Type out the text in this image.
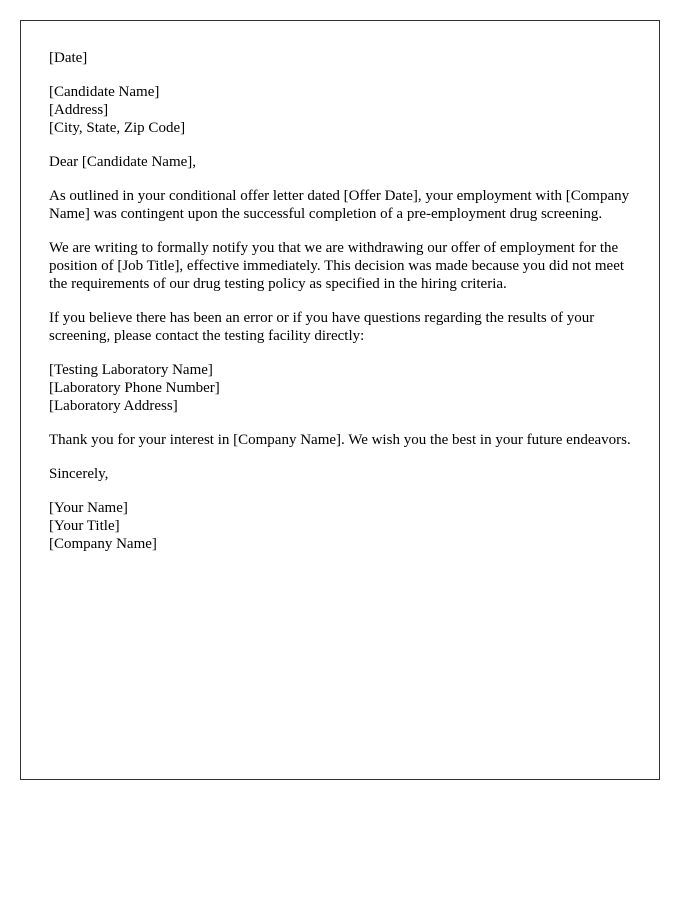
[Date]
[Candidate Name]
[Address]
[City, State, Zip Code]
Dear [Candidate Name],

As outlined in your conditional offer letter dated [Offer Date], your employment with [Company Name] was contingent upon the successful completion of a pre-employment drug screening.

We are writing to formally notify you that we are withdrawing our offer of employment for the position of [Job Title], effective immediately. This decision was made because you did not meet the requirements of our drug testing policy as specified in the hiring criteria.

If you believe there has been an error or if you have questions regarding the results of your screening, please contact the testing facility directly:

[Testing Laboratory Name]
[Laboratory Phone Number]
[Laboratory Address]

Thank you for your interest in [Company Name]. We wish you the best in your future endeavors.

Sincerely,
[Your Name]
[Your Title]
[Company Name]
